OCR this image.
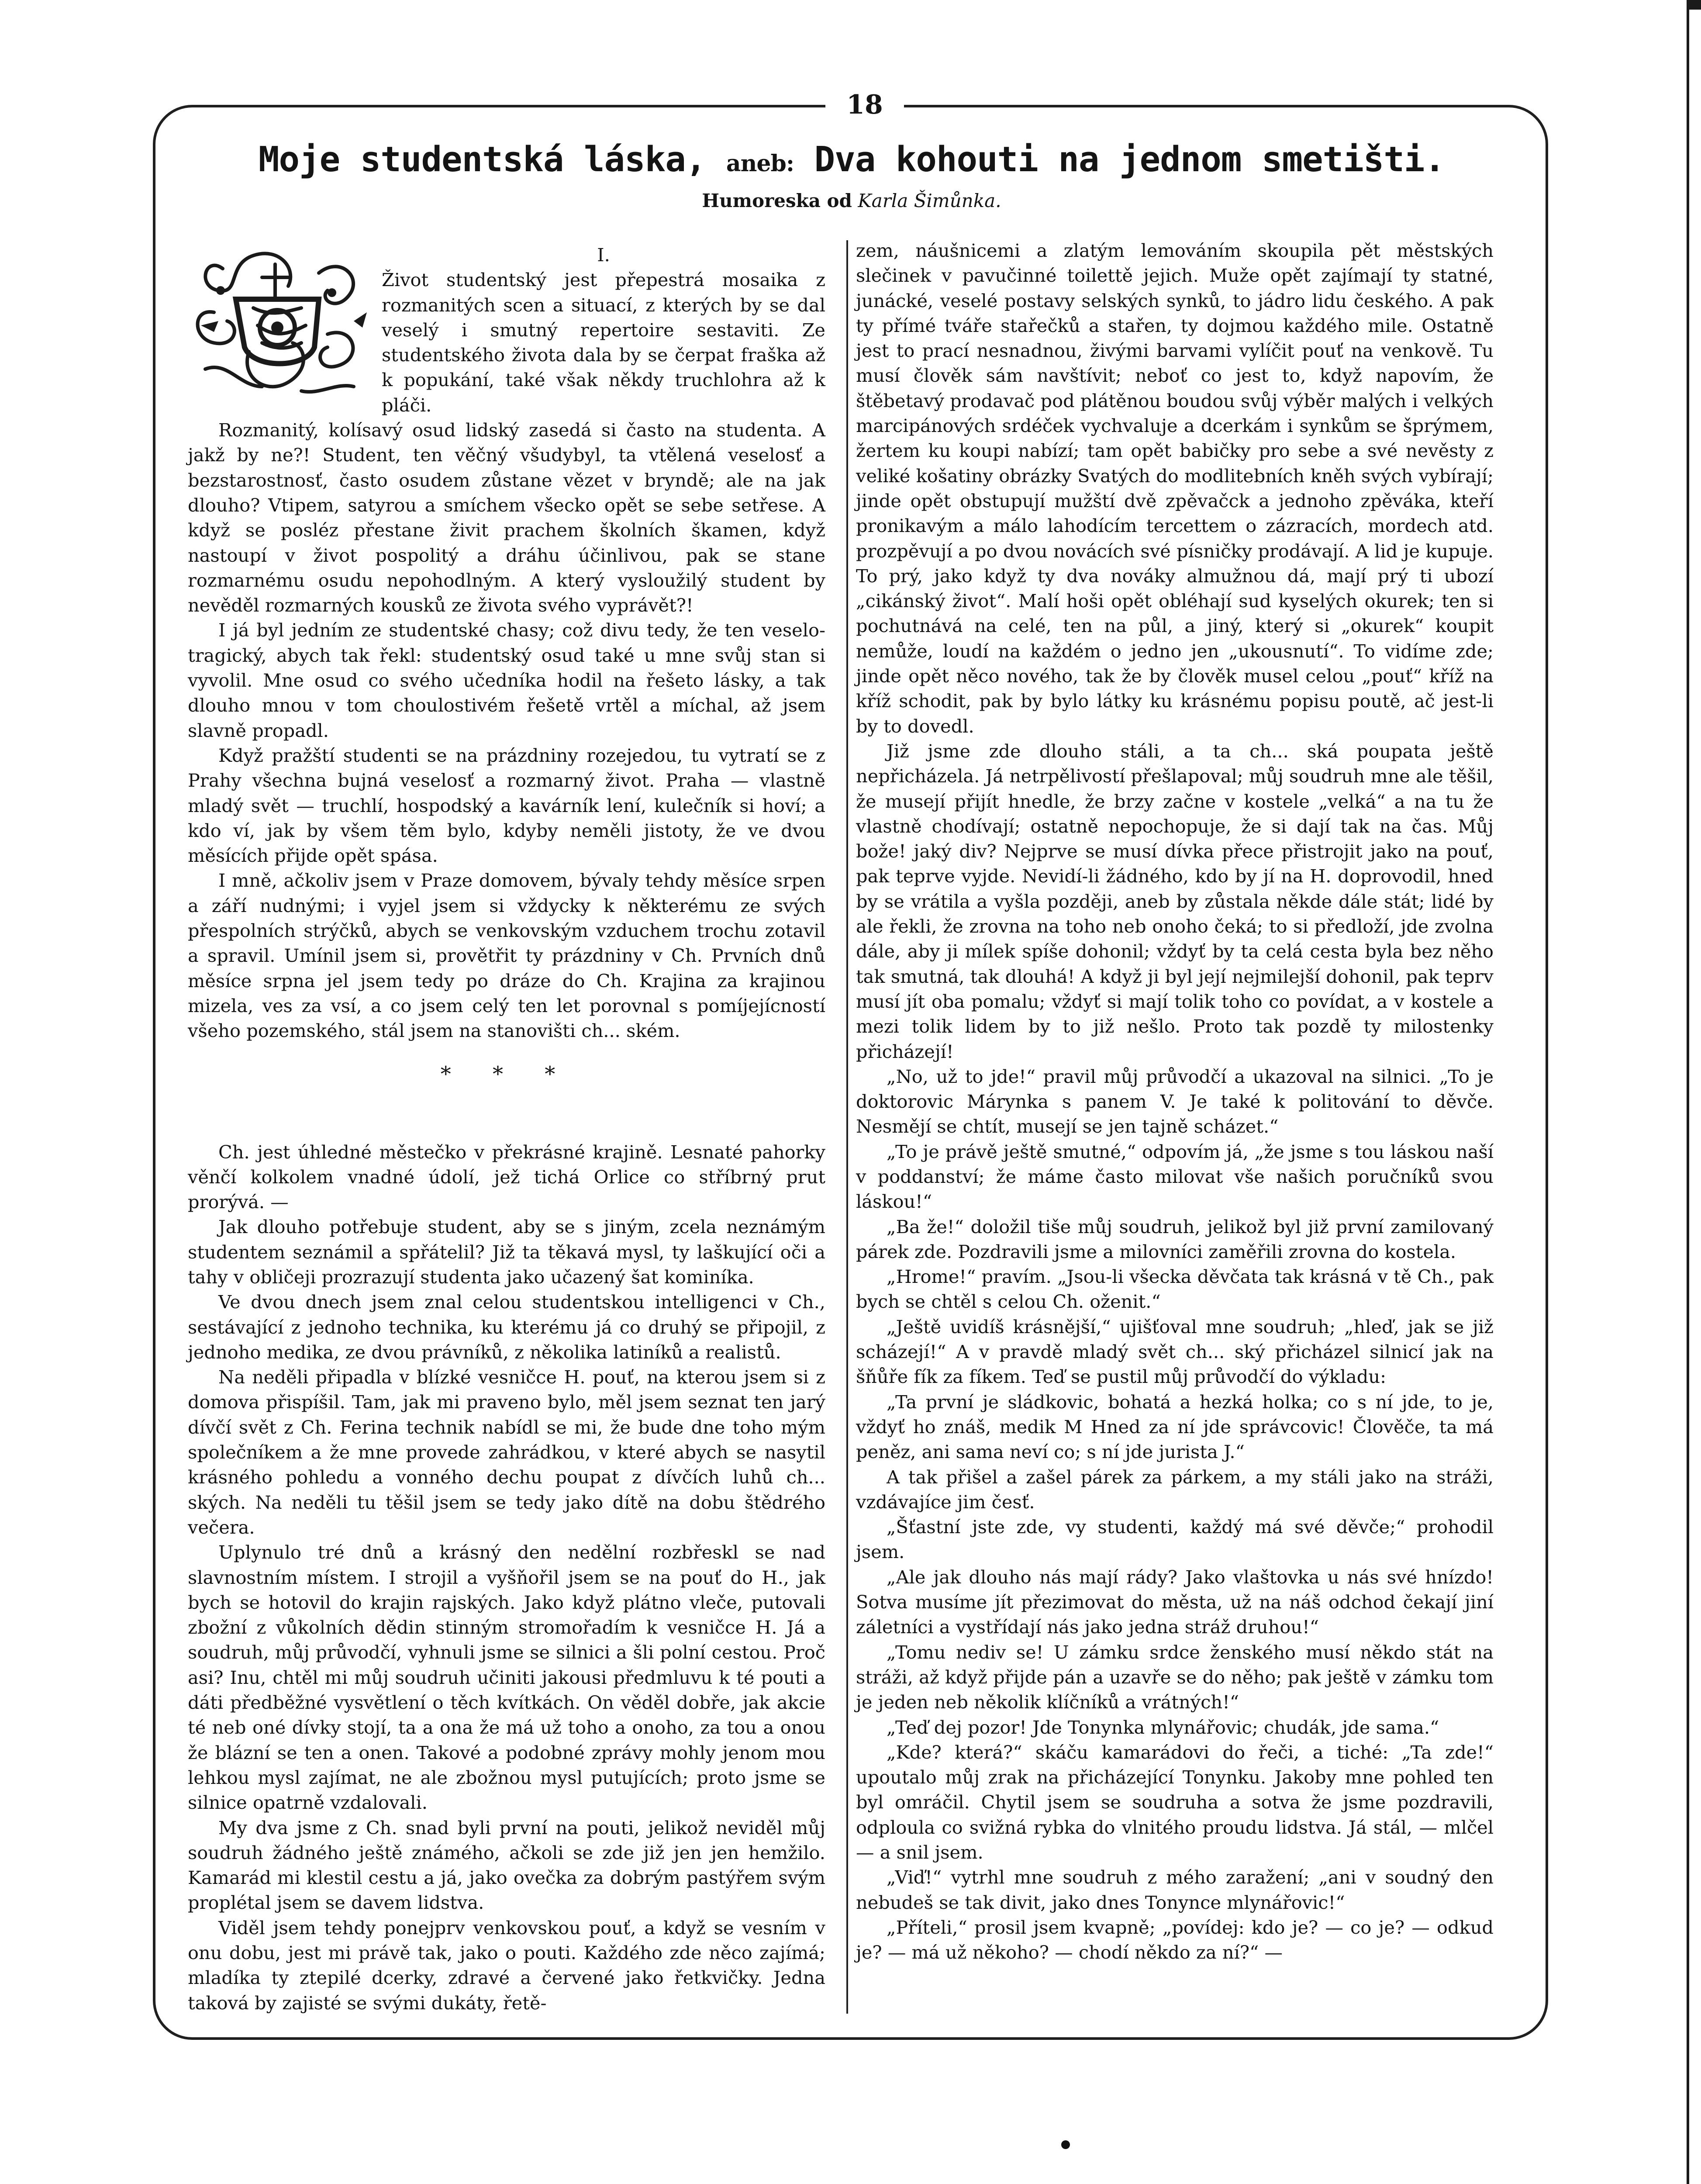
18
Moje studentská láska, aneb: Dva kohouti na jednom smetišti.
Humoreska od Karla Šimůnka.

I.

Život studentský jest přepestrá mosaika z rozmanitých scen a situací, z kterých by se dal veselý i smutný repertoire sestaviti. Ze studentského života dala by se čerpat fraška až k popukání, také však někdy truchlohra až k pláči.

Rozmanitý, kolísavý osud lidský zasedá si často na studenta. A jakž by ne?! Student, ten věčný všudybyl, ta vtělená veselosť a bezstarostnosť, často osudem zůstane vězet v bryndě; ale na jak dlouho? Vtipem, satyrou a smíchem všecko opět se sebe setřese. A když se posléz přestane živit prachem školních škamen, když nastoupí v život pospolitý a dráhu účinlivou, pak se stane rozmarnému osudu nepohodlným. A který vysloužilý student by nevěděl rozmarných kousků ze života svého vyprávět?!

I já byl jedním ze studentské chasy; což divu tedy, že ten veselo-tragický, abych tak řekl: studentský osud také u mne svůj stan si vyvolil. Mne osud co svého učedníka hodil na řešeto lásky, a tak dlouho mnou v tom choulostivém řešetě vrtěl a míchal, až jsem slavně propadl.

Když pražští studenti se na prázdniny rozejedou, tu vytratí se z Prahy všechna bujná veselosť a rozmarný život. Praha — vlastně mladý svět — truchlí, hospodský a kavárník lení, kulečník si hoví; a kdo ví, jak by všem těm bylo, kdyby neměli jistoty, že ve dvou měsících přijde opět spása.

I mně, ačkoliv jsem v Praze domovem, bývaly tehdy měsíce srpen a září nudnými; i vyjel jsem si vždycky k některému ze svých přespolních strýčků, abych se venkovským vzduchem trochu zotavil a spravil. Umínil jsem si, provětřit ty prázdniny v Ch. Prvních dnů měsíce srpna jel jsem tedy po dráze do Ch. Krajina za krajinou mizela, ves za vsí, a co jsem celý ten let porovnal s pomíjejícností všeho pozemského, stál jsem na stanovišti ch... ském.

* * *

Ch. jest úhledné městečko v překrásné krajině. Lesnaté pahorky věnčí kolkolem vnadné údolí, jež tichá Orlice co stříbrný prut prorývá. —

Jak dlouho potřebuje student, aby se s jiným, zcela neznámým studentem seznámil a spřátelil? Již ta těkavá mysl, ty laškující oči a tahy v obličeji prozrazují studenta jako učazený šat kominíka.

Ve dvou dnech jsem znal celou studentskou intelligenci v Ch., sestávající z jednoho technika, ku kterému já co druhý se připojil, z jednoho medika, ze dvou právníků, z několika latiníků a realistů.

Na neděli připadla v blízké vesničce H. pouť, na kterou jsem si z domova přispíšil. Tam, jak mi praveno bylo, měl jsem seznat ten jarý dívčí svět z Ch. Ferina technik nabídl se mi, že bude dne toho mým společníkem a že mne provede zahrádkou, v které abych se nasytil krásného pohledu a vonného dechu poupat z dívčích luhů ch... ských. Na neděli tu těšil jsem se tedy jako dítě na dobu štědrého večera.

Uplynulo tré dnů a krásný den nedělní rozbřeskl se nad slavnostním místem. I strojil a vyšňořil jsem se na pouť do H., jak bych se hotovil do krajin rajských. Jako když plátno vleče, putovali zbožní z vůkolních dědin stinným stromořadím k vesničce H. Já a soudruh, můj průvodčí, vyhnuli jsme se silnici a šli polní cestou. Proč asi? Inu, chtěl mi můj soudruh učiniti jakousi předmluvu k té pouti a dáti předběžné vysvětlení o těch kvítkách. On věděl dobře, jak akcie té neb oné dívky stojí, ta a ona že má už toho a onoho, za tou a onou že blázní se ten a onen. Takové a podobné zprávy mohly jenom mou lehkou mysl zajímat, ne ale zbožnou mysl putujících; proto jsme se silnice opatrně vzdalovali.

My dva jsme z Ch. snad byli první na pouti, jelikož neviděl můj soudruh žádného ještě známého, ačkoli se zde již jen jen hemžilo. Kamarád mi klestil cestu a já, jako ovečka za dobrým pastýřem svým proplétal jsem se davem lidstva.

Viděl jsem tehdy ponejprv venkovskou pouť, a když se vesním v onu dobu, jest mi právě tak, jako o pouti. Každého zde něco zajímá; mladíka ty ztepilé dcerky, zdravé a červené jako řetkvičky. Jedna taková by zajisté se svými dukáty, řetě-

zem, náušnicemi a zlatým lemováním skoupila pět městských slečinek v pavučinné toilettě jejich. Muže opět zajímají ty statné, junácké, veselé postavy selských synků, to jádro lidu českého. A pak ty přímé tváře stařečků a stařen, ty dojmou každého mile. Ostatně jest to prací nesnadnou, živými barvami vylíčit pouť na venkově. Tu musí člověk sám navštívit; neboť co jest to, když napovím, že štěbetavý prodavač pod plátěnou boudou svůj výběr malých i velkých marcipánových srdéček vychvaluje a dcerkám i synkům se šprýmem, žertem ku koupi nabízí; tam opět babičky pro sebe a své nevěsty z veliké košatiny obrázky Svatých do modlitebních kněh svých vybírají; jinde opět obstupují mužští dvě zpěvačck a jednoho zpěváka, kteří pronikavým a málo lahodícím tercettem o zázracích, mordech atd. prozpěvují a po dvou novácích své písničky prodávají. A lid je kupuje. To prý, jako když ty dva nováky almužnou dá, mají prý ti ubozí „cikánský život“. Malí hoši opět obléhají sud kyselých okurek; ten si pochutnává na celé, ten na půl, a jiný, který si „okurek“ koupit nemůže, loudí na každém o jedno jen „ukousnutí“. To vidíme zde; jinde opět něco nového, tak že by člověk musel celou „pouť“ kříž na kříž schodit, pak by bylo látky ku krásnému popisu poutě, ač jest-li by to dovedl.

Již jsme zde dlouho stáli, a ta ch... ská poupata ještě nepřicházela. Já netrpělivostí přešlapoval; můj soudruh mne ale těšil, že musejí přijít hnedle, že brzy začne v kostele „velká“ a na tu že vlastně chodívají; ostatně nepochopuje, že si dají tak na čas. Můj bože! jaký div? Nejprve se musí dívka přece přistrojit jako na pouť, pak teprve vyjde. Nevidí-li žádného, kdo by jí na H. doprovodil, hned by se vrátila a vyšla později, aneb by zůstala někde dále stát; lidé by ale řekli, že zrovna na toho neb onoho čeká; to si předloží, jde zvolna dále, aby ji mílek spíše dohonil; vždyť by ta celá cesta byla bez něho tak smutná, tak dlouhá! A když ji byl její nejmilejší dohonil, pak teprv musí jít oba pomalu; vždyť si mají tolik toho co povídat, a v kostele a mezi tolik lidem by to již nešlo. Proto tak pozdě ty milostenky přicházejí!

„No, už to jde!“ pravil můj průvodčí a ukazoval na silnici. „To je doktorovic Márynka s panem V. Je také k politování to děvče. Nesmějí se chtít, musejí se jen tajně scházet.“

„To je právě ještě smutné,“ odpovím já, „že jsme s tou láskou naší v poddanství; že máme často milovat vše našich poručníků svou láskou!“

„Ba že!“ doložil tiše můj soudruh, jelikož byl již první zamilovaný párek zde. Pozdravili jsme a milovníci zaměřili zrovna do kostela.

„Hrome!“ pravím. „Jsou-li všecka děvčata tak krásná v tě Ch., pak bych se chtěl s celou Ch. oženit.“

„Ještě uvidíš krásnější,“ ujišťoval mne soudruh; „hleď, jak se již scházejí!“ A v pravdě mladý svět ch... ský přicházel silnicí jak na šňůře fík za fíkem. Teď se pustil můj průvodčí do výkladu:

„Ta první je sládkovic, bohatá a hezká holka; co s ní jde, to je, vždyť ho znáš, medik M Hned za ní jde správcovic! Člověče, ta má peněz, ani sama neví co; s ní jde jurista J.“

A tak přišel a zašel párek za párkem, a my stáli jako na stráži, vzdávajíce jim česť.

„Šťastní jste zde, vy studenti, každý má své děvče;“ prohodil jsem.

„Ale jak dlouho nás mají rády? Jako vlaštovka u nás své hnízdo! Sotva musíme jít přezimovat do města, už na náš odchod čekají jiní záletníci a vystřídají nás jako jedna stráž druhou!“

„Tomu nediv se! U zámku srdce ženského musí někdo stát na stráži, až když přijde pán a uzavře se do něho; pak ještě v zámku tom je jeden neb několik klíčníků a vrátných!“

„Teď dej pozor! Jde Tonynka mlynářovic; chudák, jde sama.“

„Kde? která?“ skáču kamarádovi do řeči, a tiché: „Ta zde!“ upoutalo můj zrak na přicházející Tonynku. Jakoby mne pohled ten byl omráčil. Chytil jsem se soudruha a sotva že jsme pozdravili, odploula co svižná rybka do vlnitého proudu lidstva. Já stál, — mlčel — a snil jsem.

„Viď!“ vytrhl mne soudruh z mého zaražení; „ani v soudný den nebudeš se tak divit, jako dnes Tonynce mlynářovic!“

„Příteli,“ prosil jsem kvapně; „povídej: kdo je? — co je? — odkud je? — má už někoho? — chodí někdo za ní?“ —
